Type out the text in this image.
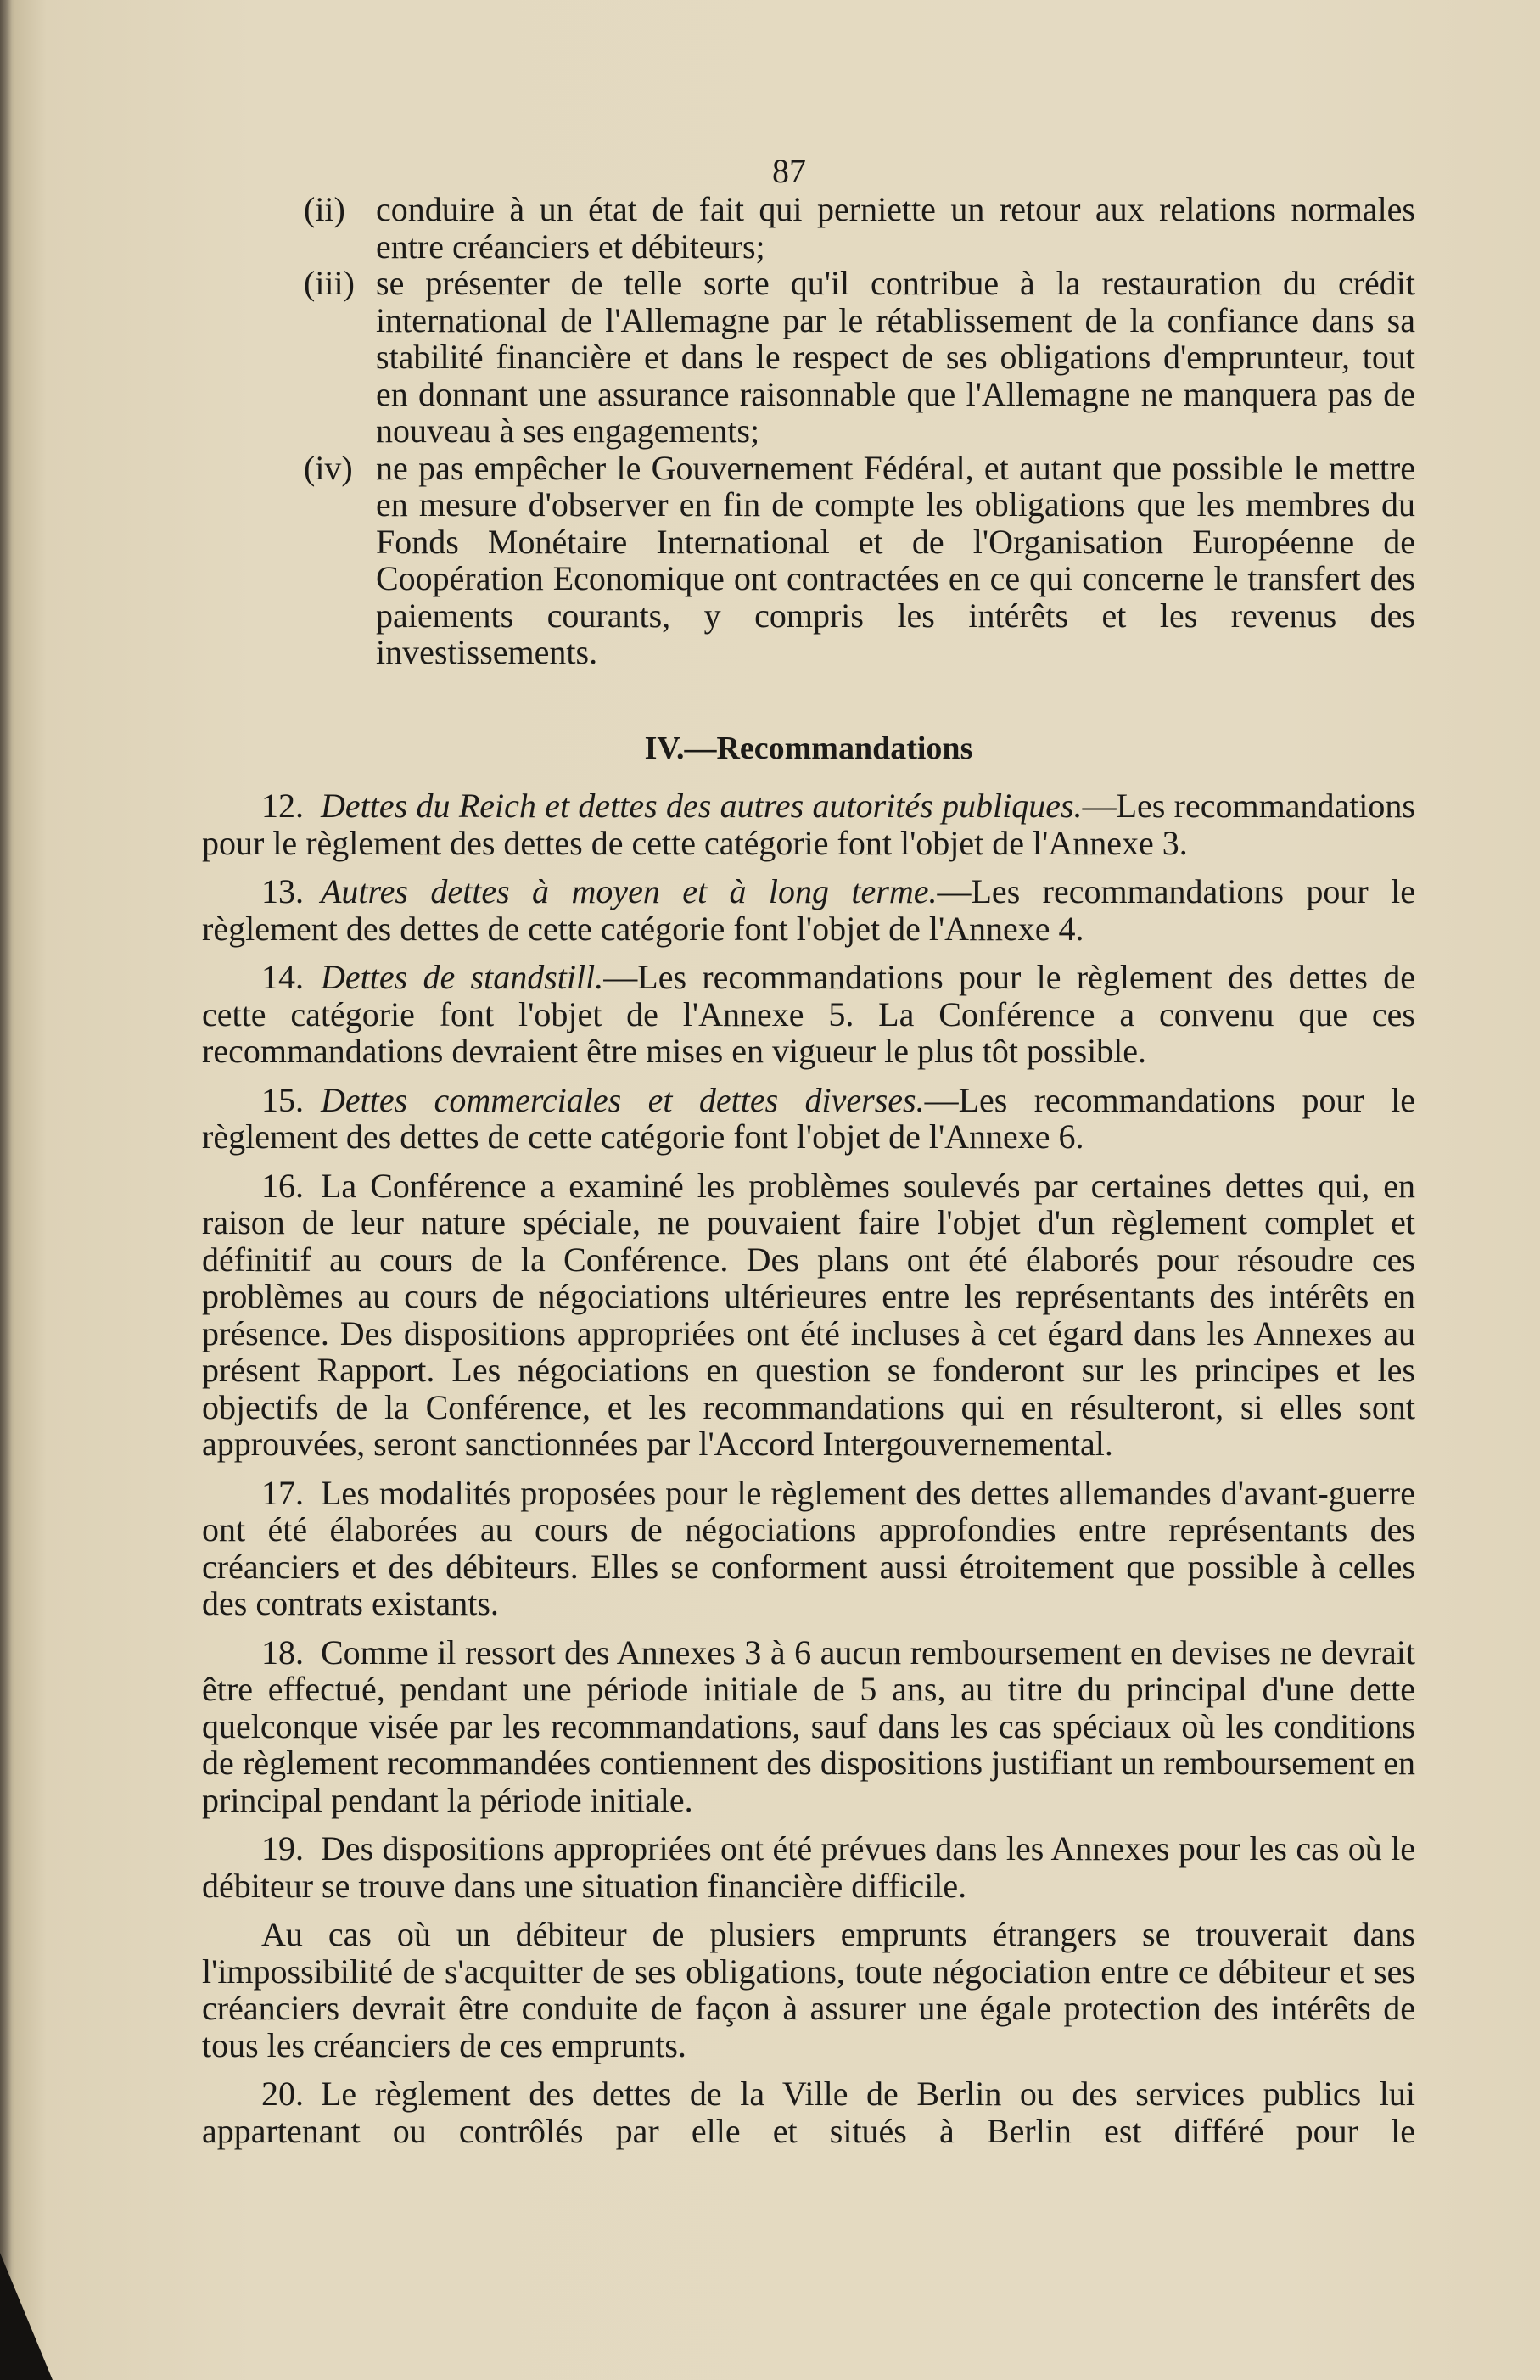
87

(ii) conduire à un état de fait qui perniette un retour aux relations normales entre créanciers et débiteurs;

(iii) se présenter de telle sorte qu'il contribue à la restauration du crédit international de l'Allemagne par le rétablissement de la confiance dans sa stabilité financière et dans le respect de ses obligations d'emprunteur, tout en donnant une assurance raisonnable que l'Allemagne ne manquera pas de nouveau à ses engagements;

(iv) ne pas empêcher le Gouvernement Fédéral, et autant que possible le mettre en mesure d'observer en fin de compte les obligations que les membres du Fonds Monétaire International et de l'Organisation Européenne de Coopération Economique ont contractées en ce qui concerne le transfert des paiements courants, y compris les intérêts et les revenus des investissements.

IV.—Recommandations

12. Dettes du Reich et dettes des autres autorités publiques.—Les recommandations pour le règlement des dettes de cette catégorie font l'objet de l'Annexe 3.

13. Autres dettes à moyen et à long terme.—Les recommandations pour le règlement des dettes de cette catégorie font l'objet de l'Annexe 4.

14. Dettes de standstill.—Les recommandations pour le règlement des dettes de cette catégorie font l'objet de l'Annexe 5. La Conférence a convenu que ces recommandations devraient être mises en vigueur le plus tôt possible.

15. Dettes commerciales et dettes diverses.—Les recommandations pour le règlement des dettes de cette catégorie font l'objet de l'Annexe 6.

16. La Conférence a examiné les problèmes soulevés par certaines dettes qui, en raison de leur nature spéciale, ne pouvaient faire l'objet d'un règlement complet et définitif au cours de la Conférence. Des plans ont été élaborés pour résoudre ces problèmes au cours de négociations ultérieures entre les représentants des intérêts en présence. Des dispositions appropriées ont été incluses à cet égard dans les Annexes au présent Rapport. Les négociations en question se fonderont sur les principes et les objectifs de la Conférence, et les recommandations qui en résulteront, si elles sont approuvées, seront sanctionnées par l'Accord Intergouvernemental.

17. Les modalités proposées pour le règlement des dettes allemandes d'avant-guerre ont été élaborées au cours de négociations approfondies entre représentants des créanciers et des débiteurs. Elles se conforment aussi étroitement que possible à celles des contrats existants.

18. Comme il ressort des Annexes 3 à 6 aucun remboursement en devises ne devrait être effectué, pendant une période initiale de 5 ans, au titre du principal d'une dette quelconque visée par les recommandations, sauf dans les cas spéciaux où les conditions de règlement recommandées contiennent des dispositions justifiant un remboursement en principal pendant la période initiale.

19. Des dispositions appropriées ont été prévues dans les Annexes pour les cas où le débiteur se trouve dans une situation financière difficile.

Au cas où un débiteur de plusiers emprunts étrangers se trouverait dans l'impossibilité de s'acquitter de ses obligations, toute négociation entre ce débiteur et ses créanciers devrait être conduite de façon à assurer une égale protection des intérêts de tous les créanciers de ces emprunts.

20. Le règlement des dettes de la Ville de Berlin ou des services publics lui appartenant ou contrôlés par elle et situés à Berlin est différé pour le
